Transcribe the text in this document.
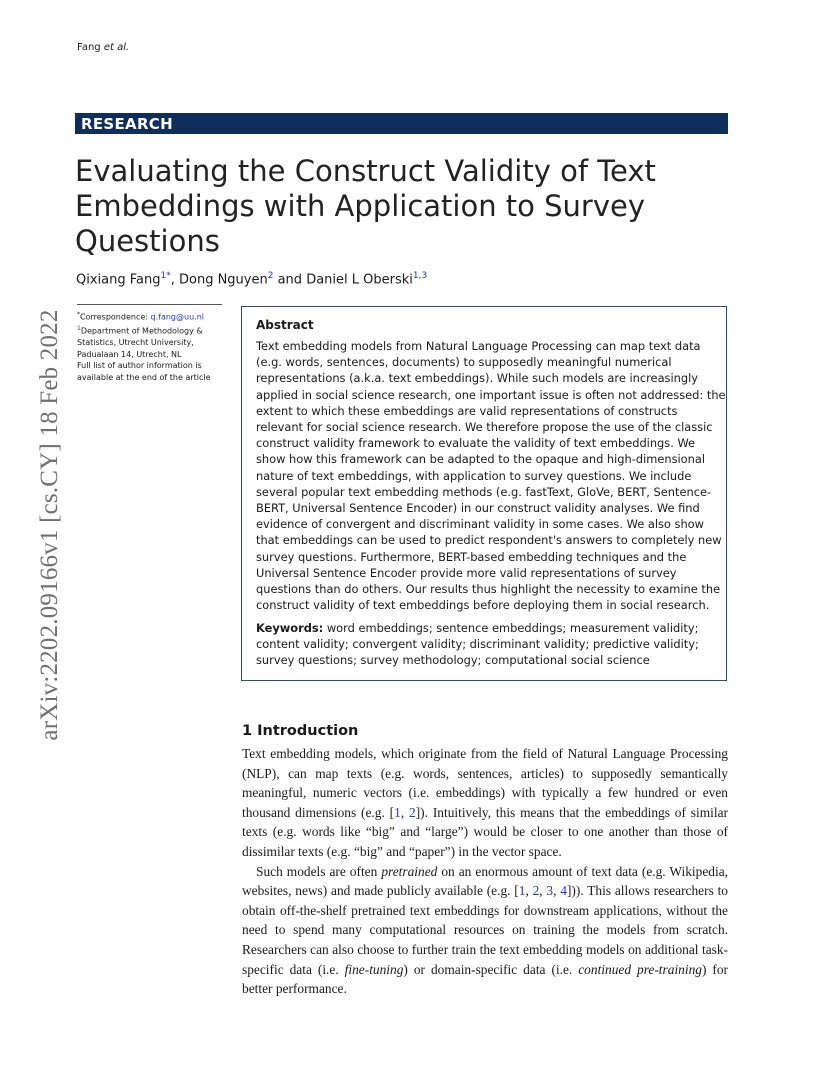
Fang et al.
RESEARCH
Evaluating the Construct Validity of Text Embeddings with Application to Survey Questions
Qixiang Fang$^{1*}$, Dong Nguyen$^2$ and Daniel L Oberski$^{1,3}$
arXiv:2202.09166v1 [cs.CY] 18 Feb 2022 *Correspondence: q.fang@uu.nl
$^1$Department of Methodology & Statistics, Utrecht University, Padualaan 14, Utrecht, NL
Full list of author information is available at the end of the article
Abstract

Text embedding models from Natural Language Processing can map text data (e.g. words, sentences, documents) to supposedly meaningful numerical representations (a.k.a. text embeddings). While such models are increasingly applied in social science research, one important issue is often not addressed: the extent to which these embeddings are valid representations of constructs relevant for social science research. We therefore propose the use of the classic construct validity framework to evaluate the validity of text embeddings. We show how this framework can be adapted to the opaque and high-dimensional nature of text embeddings, with application to survey questions. We include several popular text embedding methods (e.g. fastText, GloVe, BERT, Sentence-BERT, Universal Sentence Encoder) in our construct validity analyses. We find evidence of convergent and discriminant validity in some cases. We also show that embeddings can be used to predict respondent's answers to completely new survey questions. Furthermore, BERT-based embedding techniques and the Universal Sentence Encoder provide more valid representations of survey questions than do others. Our results thus highlight the necessity to examine the construct validity of text embeddings before deploying them in social research.

Keywords: word embeddings; sentence embeddings; measurement validity; content validity; convergent validity; discriminant validity; predictive validity; survey questions; survey methodology; computational social science

1 Introduction

Text embedding models, which originate from the field of Natural Language Processing (NLP), can map texts (e.g. words, sentences, articles) to supposedly semantically meaningful, numeric vectors (i.e. embeddings) with typically a few hundred or even thousand dimensions (e.g. [1, 2]). Intuitively, this means that the embeddings of similar texts (e.g. words like “big” and “large”) would be closer to one another than those of dissimilar texts (e.g. “big” and “paper”) in the vector space.

Such models are often pretrained on an enormous amount of text data (e.g. Wikipedia, websites, news) and made publicly available (e.g. [1, 2, 3, 4])). This allows researchers to obtain off-the-shelf pretrained text embeddings for downstream applications, without the need to spend many computational resources on training the models from scratch. Researchers can also choose to further train the text embedding models on additional task-specific data (i.e. fine-tuning) or domain-specific data (i.e. continued pre-training) for better performance.
